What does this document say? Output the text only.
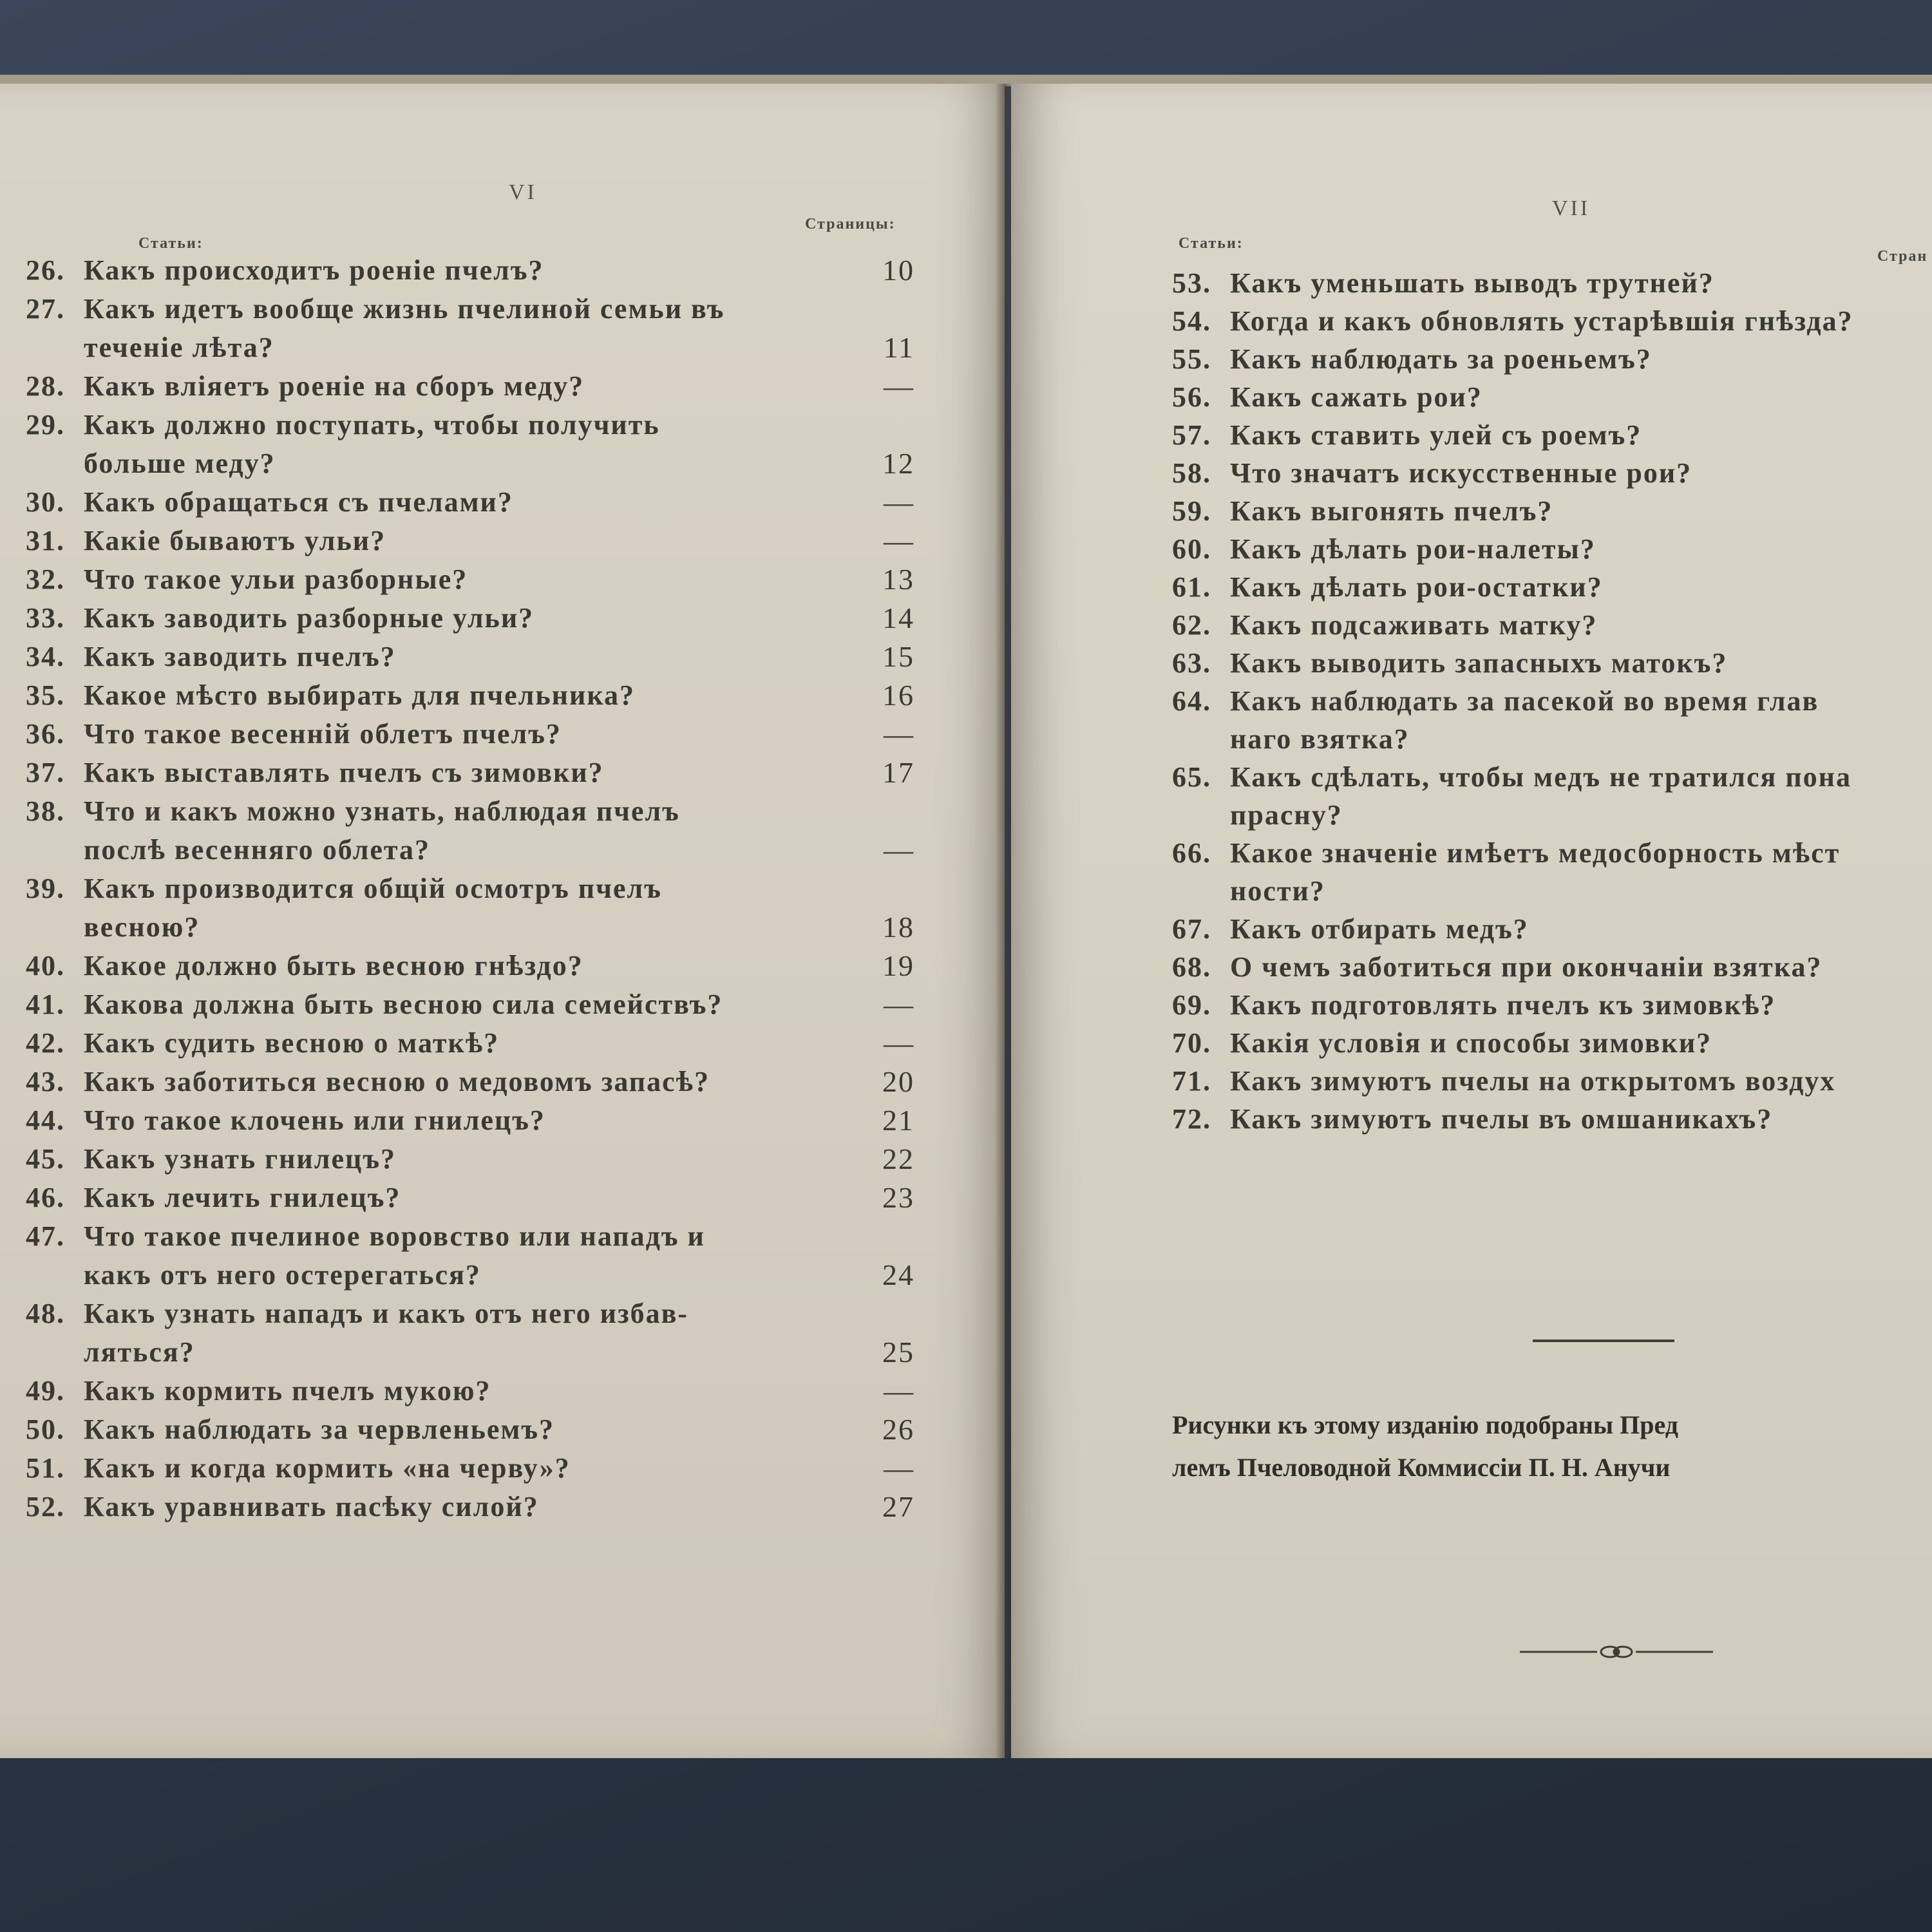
VI
Статьи:
Страницы:
26. Какъ происходитъ роеніе пчелъ?	10
27. Какъ идетъ вообще жизнь пчелиной семьи въ
теченіе лѣта?	11
28. Какъ вліяетъ роеніе на сборъ меду?	—
29. Какъ должно поступать, чтобы получить
больше меду?	12
30. Какъ обращаться съ пчелами?	—
31. Какіе бываютъ ульи?	—
32. Что такое ульи разборные?	13
33. Какъ заводить разборные ульи?	14
34. Какъ заводить пчелъ?	15
35. Какое мѣсто выбирать для пчельника?	16
36. Что такое весенній облетъ пчелъ?	—
37. Какъ выставлять пчелъ съ зимовки?	17
38. Что и какъ можно узнать, наблюдая пчелъ
послѣ весенняго облета?	—
39. Какъ производится общій осмотръ пчелъ
весною?	18
40. Какое должно быть весною гнѣздо?	19
41. Какова должна быть весною сила семействъ?	—
42. Какъ судить весною о маткѣ?	—
43. Какъ заботиться весною о медовомъ запасѣ?	20
44. Что такое клочень или гнилецъ?	21
45. Какъ узнать гнилецъ?	22
46. Какъ лечить гнилецъ?	23
47. Что такое пчелиное воровство или нападъ и
какъ отъ него остерегаться?	24
48. Какъ узнать нападъ и какъ отъ него избав-
ляться?	25
49. Какъ кормить пчелъ мукою?	—
50. Какъ наблюдать за червленьемъ?	26
51. Какъ и когда кормить «на черву»?	—
52. Какъ уравнивать пасѣку силой?	27
VII
Статьи:
Стран
53. Какъ уменьшать выводъ трутней?
54. Когда и какъ обновлять устарѣвшія гнѣзда?
55. Какъ наблюдать за роеньемъ?
56. Какъ сажать рои?
57. Какъ ставить улей съ роемъ?
58. Что значатъ искусственные рои?
59. Какъ выгонять пчелъ?
60. Какъ дѣлать рои-налеты?
61. Какъ дѣлать рои-остатки?
62. Какъ подсаживать матку?
63. Какъ выводить запасныхъ матокъ?
64. Какъ наблюдать за пасекой во время глав
наго взятка?
65. Какъ сдѣлать, чтобы медъ не тратился пона
прасну?
66. Какое значеніе имѣетъ медосборность мѣст
ности?
67. Какъ отбирать медъ?
68. О чемъ заботиться при окончаніи взятка?
69. Какъ подготовлять пчелъ къ зимовкѣ?
70. Какія условія и способы зимовки?
71. Какъ зимуютъ пчелы на открытомъ воздух
72. Какъ зимуютъ пчелы въ омшаникахъ?
Рисунки къ этому изданію подобраны Пред
лемъ Пчеловодной Коммиссіи П. Н. Анучи
